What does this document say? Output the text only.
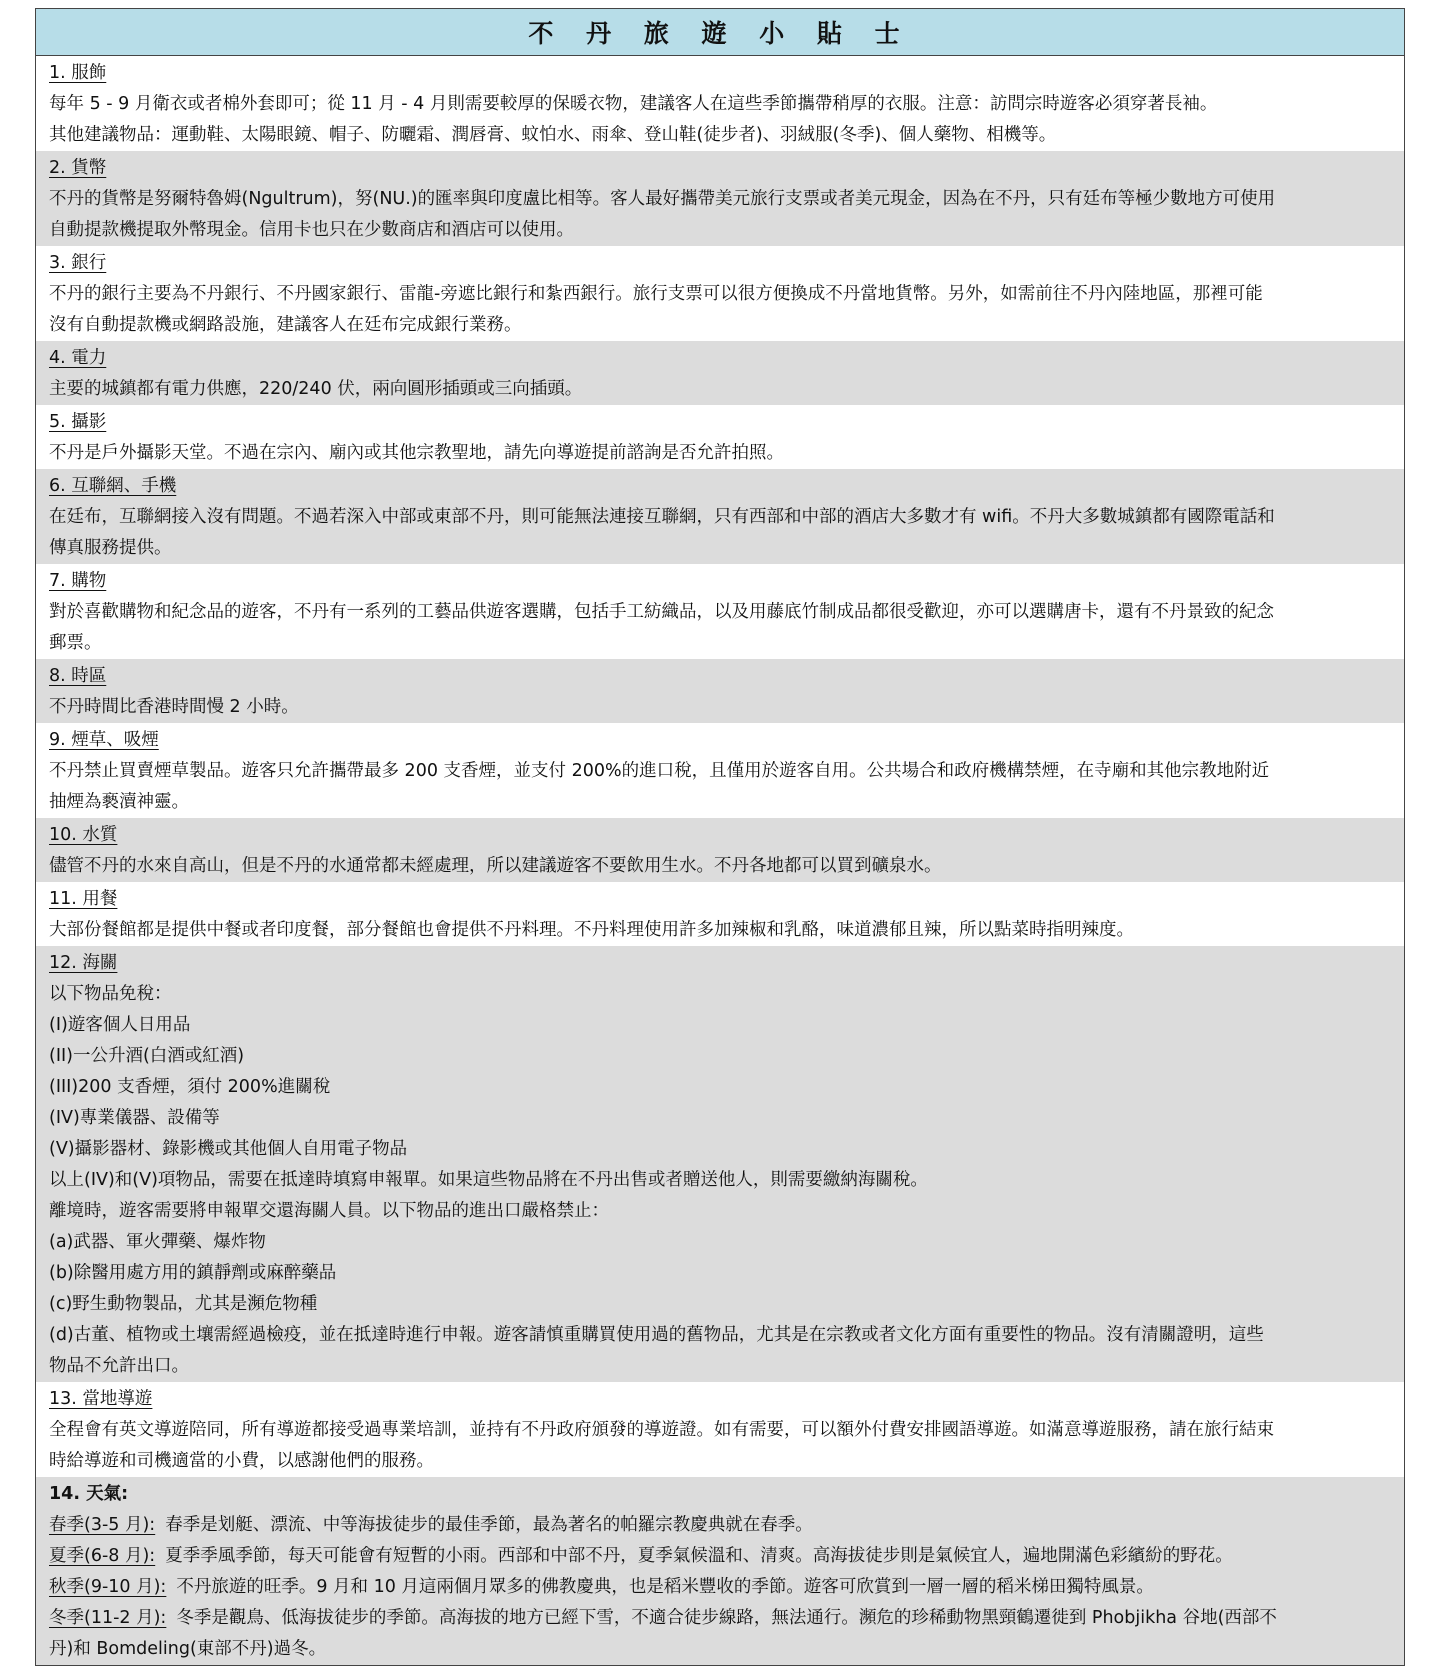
不 丹 旅 遊 小 貼 士
1. 服飾
每年 5 - 9 月衛衣或者棉外套即可；從 11 月 - 4 月則需要較厚的保暖衣物，建議客人在這些季節攜帶稍厚的衣服。注意：訪問宗時遊客必須穿著長袖。
其他建議物品：運動鞋、太陽眼鏡、帽子、防曬霜、潤唇膏、蚊怕水、雨傘、登山鞋(徒步者)、羽絨服(冬季)、個人藥物、相機等。
2. 貨幣
不丹的貨幣是努爾特魯姆(Ngultrum)，努(NU.)的匯率與印度盧比相等。客人最好攜帶美元旅行支票或者美元現金，因為在不丹，只有廷布等極少數地方可使用
自動提款機提取外幣現金。信用卡也只在少數商店和酒店可以使用。
3. 銀行
不丹的銀行主要為不丹銀行、不丹國家銀行、雷龍-旁遮比銀行和紮西銀行。旅行支票可以很方便換成不丹當地貨幣。另外，如需前往不丹內陸地區，那裡可能
沒有自動提款機或網路設施，建議客人在廷布完成銀行業務。
4. 電力
主要的城鎮都有電力供應，220/240 伏，兩向圓形插頭或三向插頭。
5. 攝影
不丹是戶外攝影天堂。不過在宗內、廟內或其他宗教聖地，請先向導遊提前諮詢是否允許拍照。
6. 互聯網、手機
在廷布，互聯網接入沒有問題。不過若深入中部或東部不丹，則可能無法連接互聯網，只有西部和中部的酒店大多數才有 wifi。不丹大多數城鎮都有國際電話和
傳真服務提供。
7. 購物
對於喜歡購物和紀念品的遊客，不丹有一系列的工藝品供遊客選購，包括手工紡織品，以及用藤底竹制成品都很受歡迎，亦可以選購唐卡，還有不丹景致的紀念
郵票。
8. 時區
不丹時間比香港時間慢 2 小時。
9. 煙草、吸煙
不丹禁止買賣煙草製品。遊客只允許攜帶最多 200 支香煙，並支付 200%的進口稅，且僅用於遊客自用。公共場合和政府機構禁煙，在寺廟和其他宗教地附近
抽煙為褻瀆神靈。
10. 水質
儘管不丹的水來自高山，但是不丹的水通常都未經處理，所以建議遊客不要飲用生水。不丹各地都可以買到礦泉水。
11. 用餐
大部份餐館都是提供中餐或者印度餐，部分餐館也會提供不丹料理。不丹料理使用許多加辣椒和乳酪，味道濃郁且辣，所以點菜時指明辣度。
12. 海關
以下物品免稅：
(I)遊客個人日用品
(II)一公升酒(白酒或紅酒)
(III)200 支香煙，須付 200%進關稅
(IV)專業儀器、設備等
(V)攝影器材、錄影機或其他個人自用電子物品
以上(IV)和(V)項物品，需要在抵達時填寫申報單。如果這些物品將在不丹出售或者贈送他人，則需要繳納海關稅。
離境時，遊客需要將申報單交還海關人員。以下物品的進出口嚴格禁止：
(a)武器、軍火彈藥、爆炸物
(b)除醫用處方用的鎮靜劑或麻醉藥品
(c)野生動物製品，尤其是瀕危物種
(d)古董、植物或土壤需經過檢疫，並在抵達時進行申報。遊客請慎重購買使用過的舊物品，尤其是在宗教或者文化方面有重要性的物品。沒有清關證明，這些
物品不允許出口。
13. 當地導遊
全程會有英文導遊陪同，所有導遊都接受過專業培訓，並持有不丹政府頒發的導遊證。如有需要，可以額外付費安排國語導遊。如滿意導遊服務，請在旅行結束
時給導遊和司機適當的小費，以感謝他們的服務。
14. 天氣:
春季(3-5 月): 春季是划艇、漂流、中等海拔徒步的最佳季節，最為著名的帕羅宗教慶典就在春季。
夏季(6-8 月): 夏季季風季節，每天可能會有短暫的小雨。西部和中部不丹，夏季氣候溫和、清爽。高海拔徒步則是氣候宜人，遍地開滿色彩繽紛的野花。
秋季(9-10 月): 不丹旅遊的旺季。9 月和 10 月這兩個月眾多的佛教慶典，也是稻米豐收的季節。遊客可欣賞到一層一層的稻米梯田獨特風景。
冬季(11-2 月): 冬季是觀鳥、低海拔徒步的季節。高海拔的地方已經下雪，不適合徒步線路，無法通行。瀕危的珍稀動物黑頸鶴遷徙到 Phobjikha 谷地(西部不
丹)和 Bomdeling(東部不丹)過冬。
